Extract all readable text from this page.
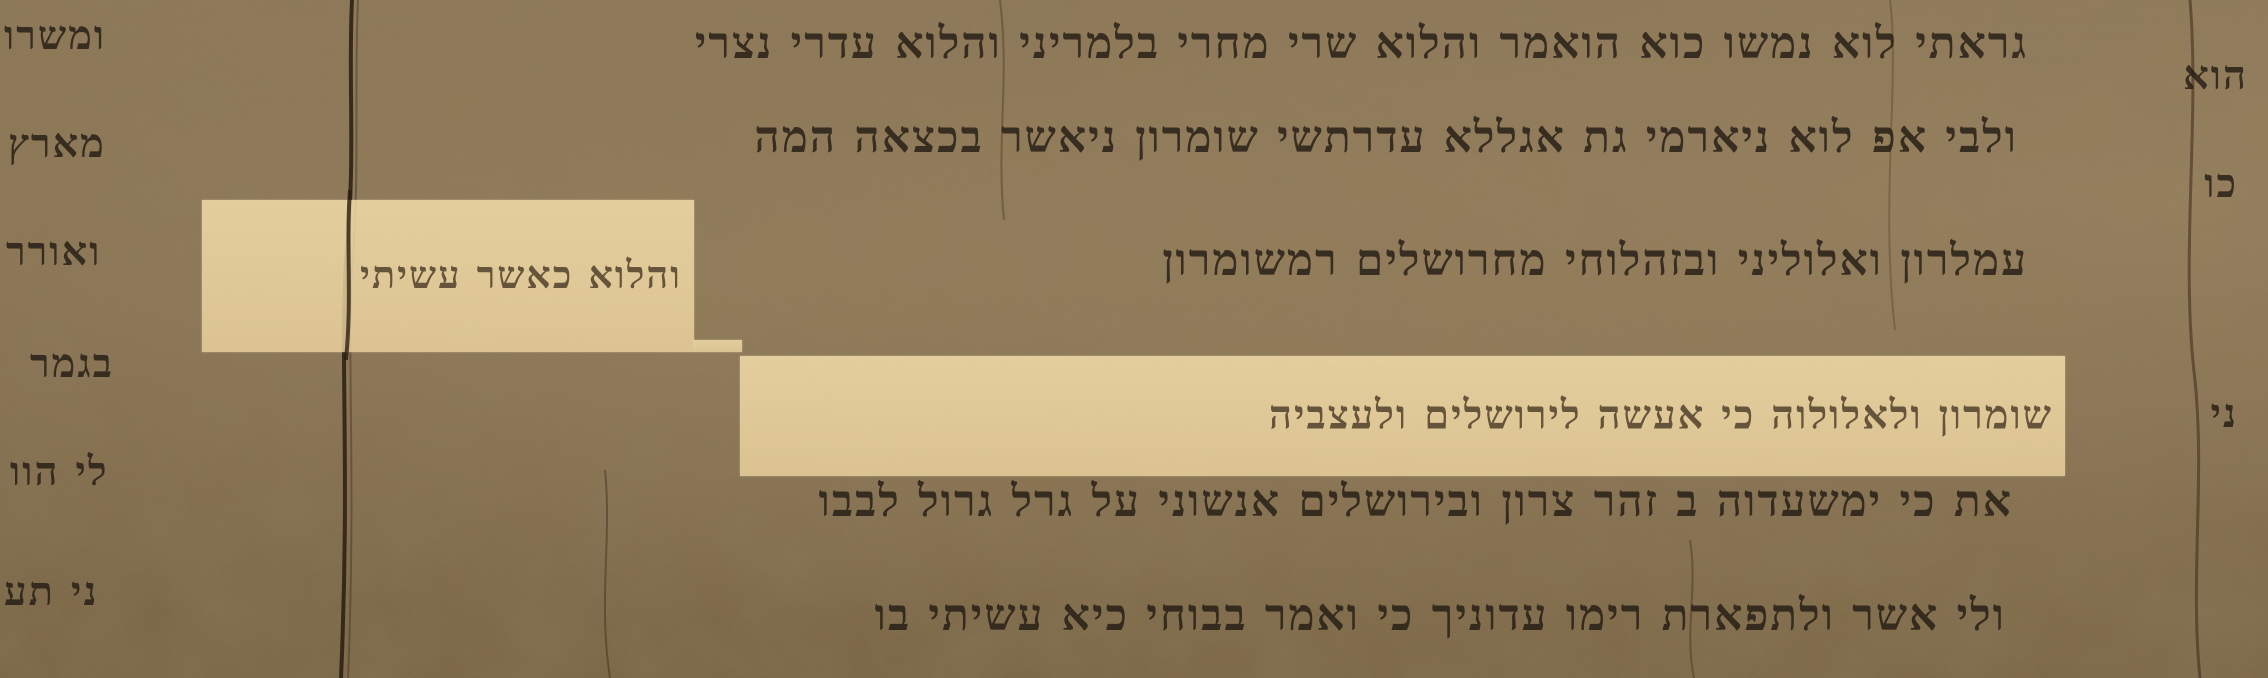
גראתי לוא נמשו כוא הואמר והלוא שרי מחרי בלמריני והלוא עדרי נצרי
ולבי אפ לוא ניארמי גת אגללא עדרתשי שומרון ניאשר בכצאה המה
עמלרון ואלוליני ובזהלוחי מחרושלים רמשומרון
את כי ימשעדוה ב זהר צרון ובירושלים אנשוני על גרל גרול לבבו
ולי אשר ולתפארת רימו עדוניך כי ואמר בבוחי כיא עשיתי בו
ומשרו
מארץ
ואורר
בגמר
לי הוו
ני תע
הוא
כו
ני
והלוא כאשר עשיתי
שומרון ולאלולוה כי אעשה לירושלים ולעצביה
